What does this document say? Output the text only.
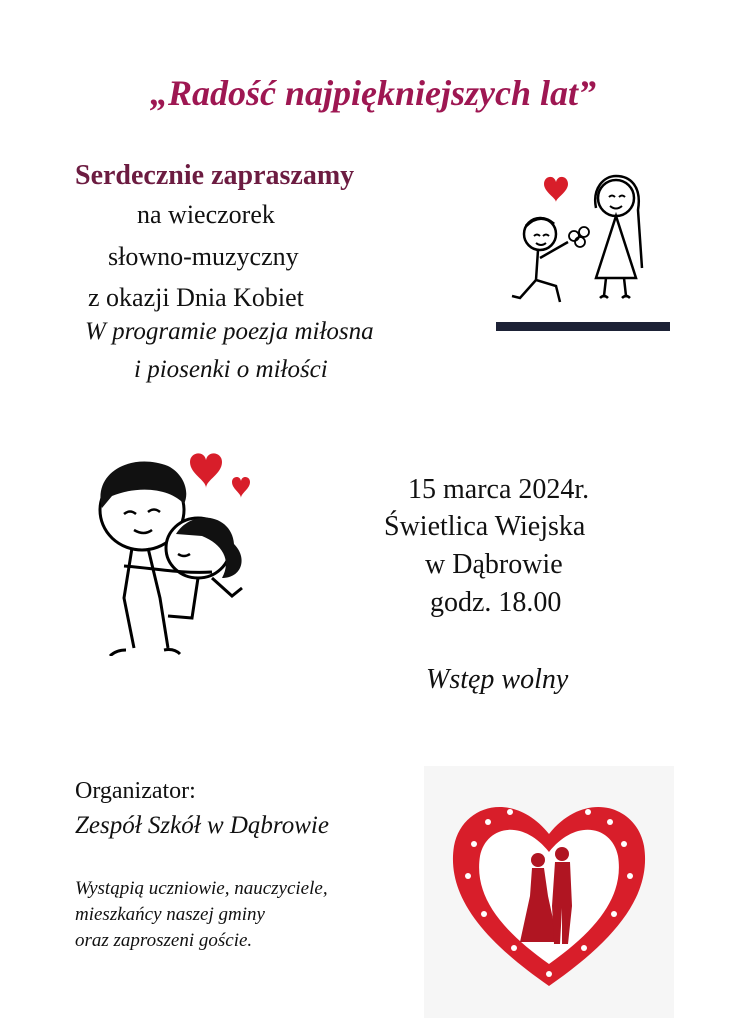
„Radość najpiękniejszych lat”
Serdecznie zapraszamy
na wieczorek
słowno-muzyczny
z okazji Dnia Kobiet
W programie poezja miłosna
i piosenki o miłości
15 marca 2024r.
Świetlica Wiejska
w Dąbrowie
godz. 18.00
Wstęp wolny
Organizator:
Zespół Szkół w Dąbrowie
Wystąpią uczniowie, nauczyciele,
mieszkańcy naszej gminy
oraz zaproszeni goście.
